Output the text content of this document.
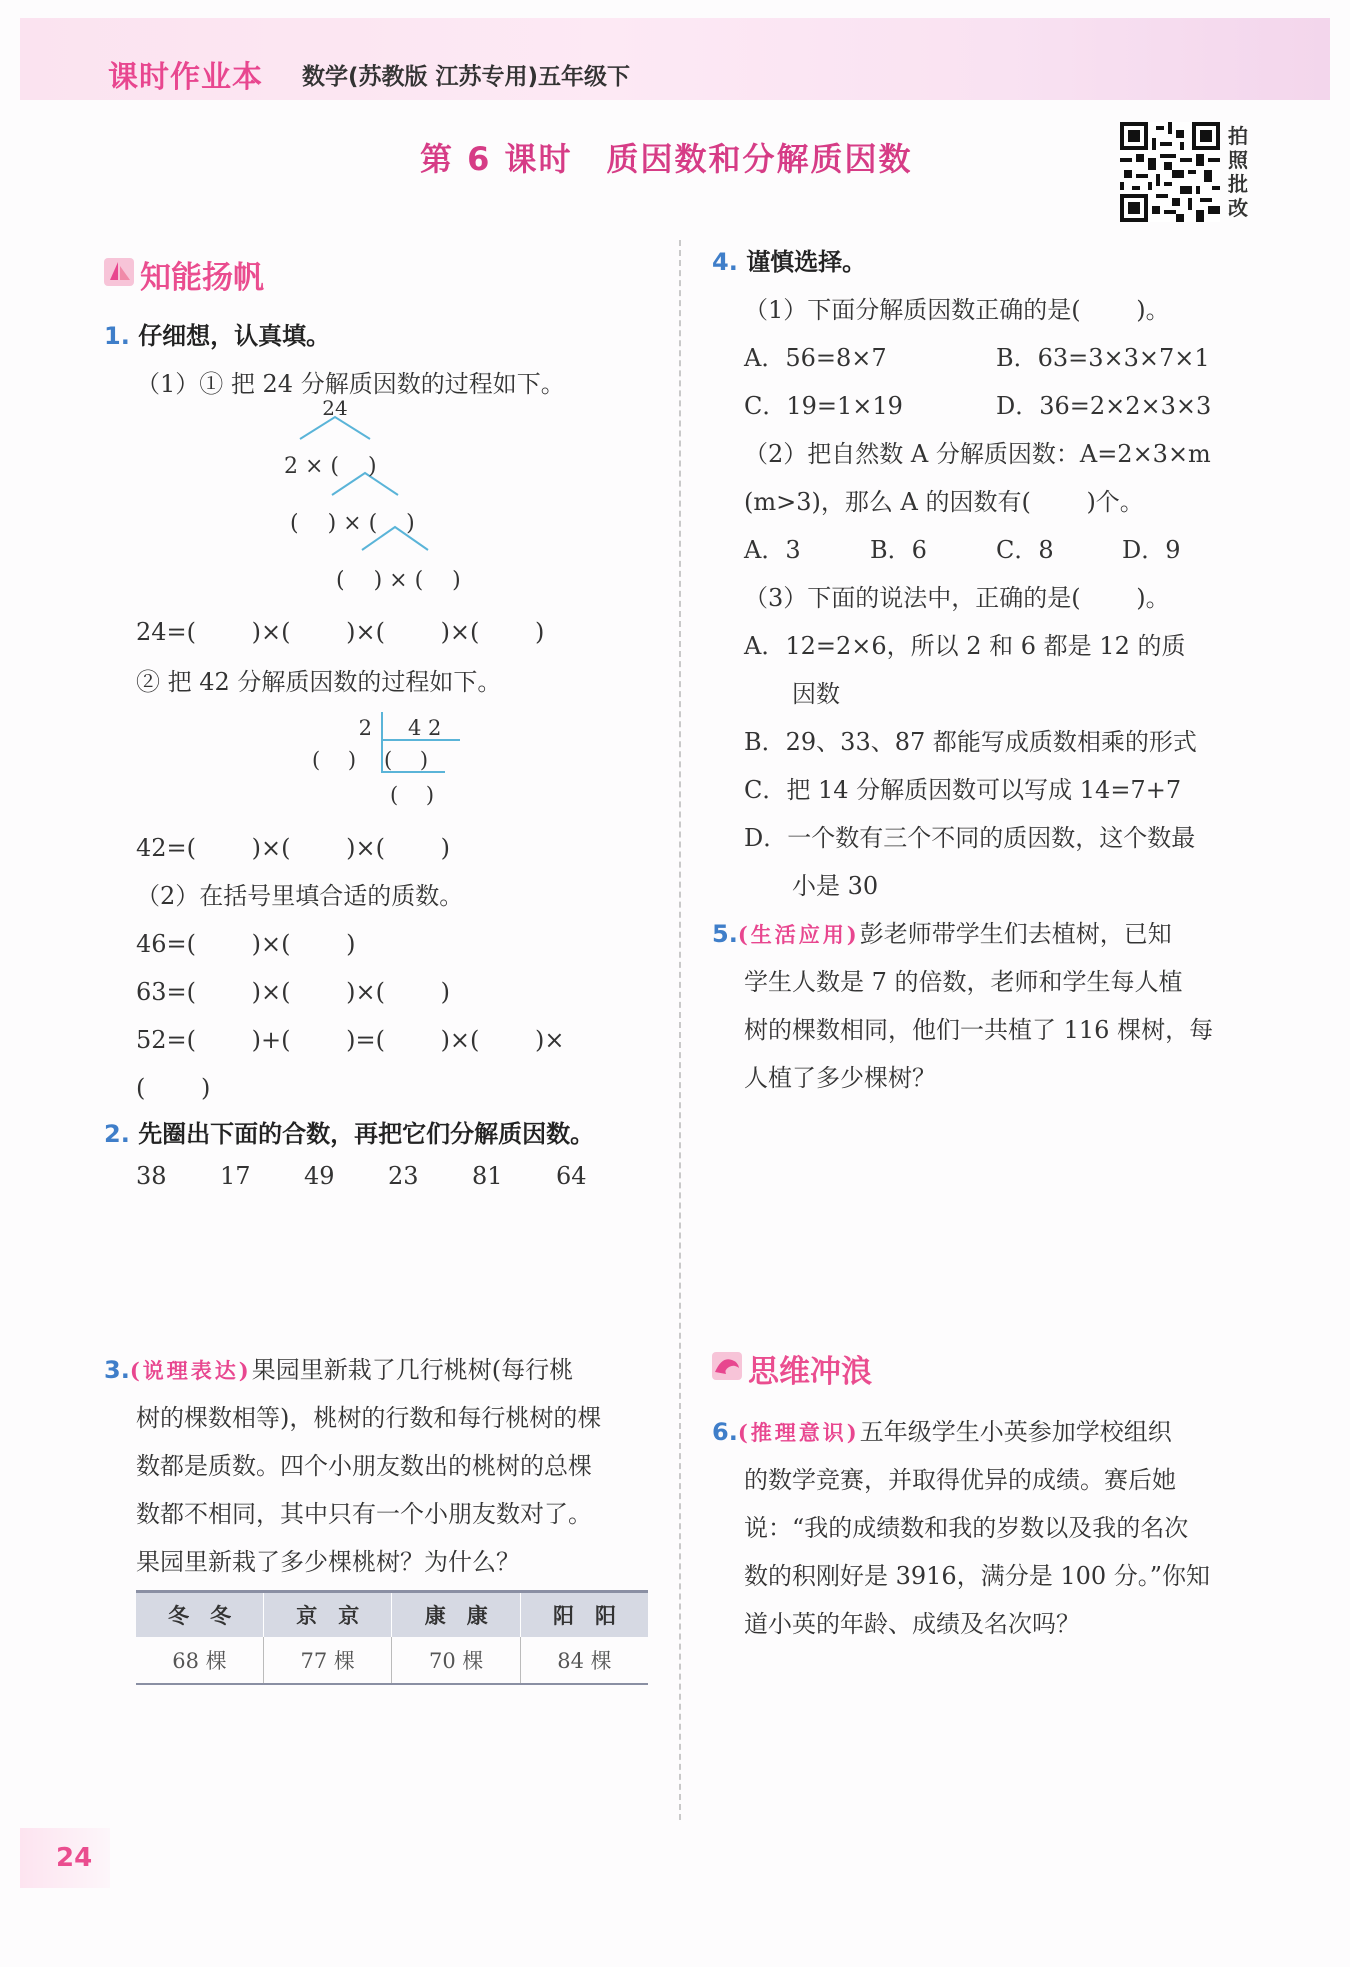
课时作业本 数学(苏教版 江苏专用)五年级下
第 6 课时　质因数和分解质因数
拍照批改
知能扬帆
1. 仔细想，认真填。
（1）① 把 24 分解质因数的过程如下。
24
2 × (　 )
(　 ) × (　 )
(　 ) × (　 )
24=(　　 )×(　　 )×(　　 )×(　　 )
② 把 42 分解质因数的过程如下。
2 4 2
(　 ) (　 )
(　 )
42=(　　 )×(　　 )×(　　 )
（2）在括号里填合适的质数。
46=(　　 )×(　　 )
63=(　　 )×(　　 )×(　　 )
52=(　　 )+(　　 )=(　　 )×(　　 )×
(　　 )
2. 先圈出下面的合数，再把它们分解质因数。
38 17 49 23 81 64
3.(说理表达)果园里新栽了几行桃树(每行桃
树的棵数相等)，桃树的行数和每行桃树的棵
数都是质数。四个小朋友数出的桃树的总棵
数都不相同，其中只有一个小朋友数对了。
果园里新栽了多少棵桃树？为什么？
冬　冬	京　京	康　康	阳　阳
68 棵	77 棵	70 棵	84 棵
4. 谨慎选择。
（1）下面分解质因数正确的是(　　 )。
A．56=8×7	B．63=3×3×7×1
C．19=1×19	D．36=2×2×3×3
（2）把自然数 A 分解质因数：A=2×3×m
(m>3)，那么 A 的因数有(　　 )个。
A．3	B．6	C．8	D．9
（3）下面的说法中，正确的是(　　 )。
A．12=2×6，所以 2 和 6 都是 12 的质
因数
B．29、33、87 都能写成质数相乘的形式
C．把 14 分解质因数可以写成 14=7+7
D．一个数有三个不同的质因数，这个数最
小是 30
5.(生活应用)彭老师带学生们去植树，已知
学生人数是 7 的倍数，老师和学生每人植
树的棵数相同，他们一共植了 116 棵树，每
人植了多少棵树？
思维冲浪
6.(推理意识)五年级学生小英参加学校组织
的数学竞赛，并取得优异的成绩。赛后她
说：“我的成绩数和我的岁数以及我的名次
数的积刚好是 3916，满分是 100 分。”你知
道小英的年龄、成绩及名次吗？
24
